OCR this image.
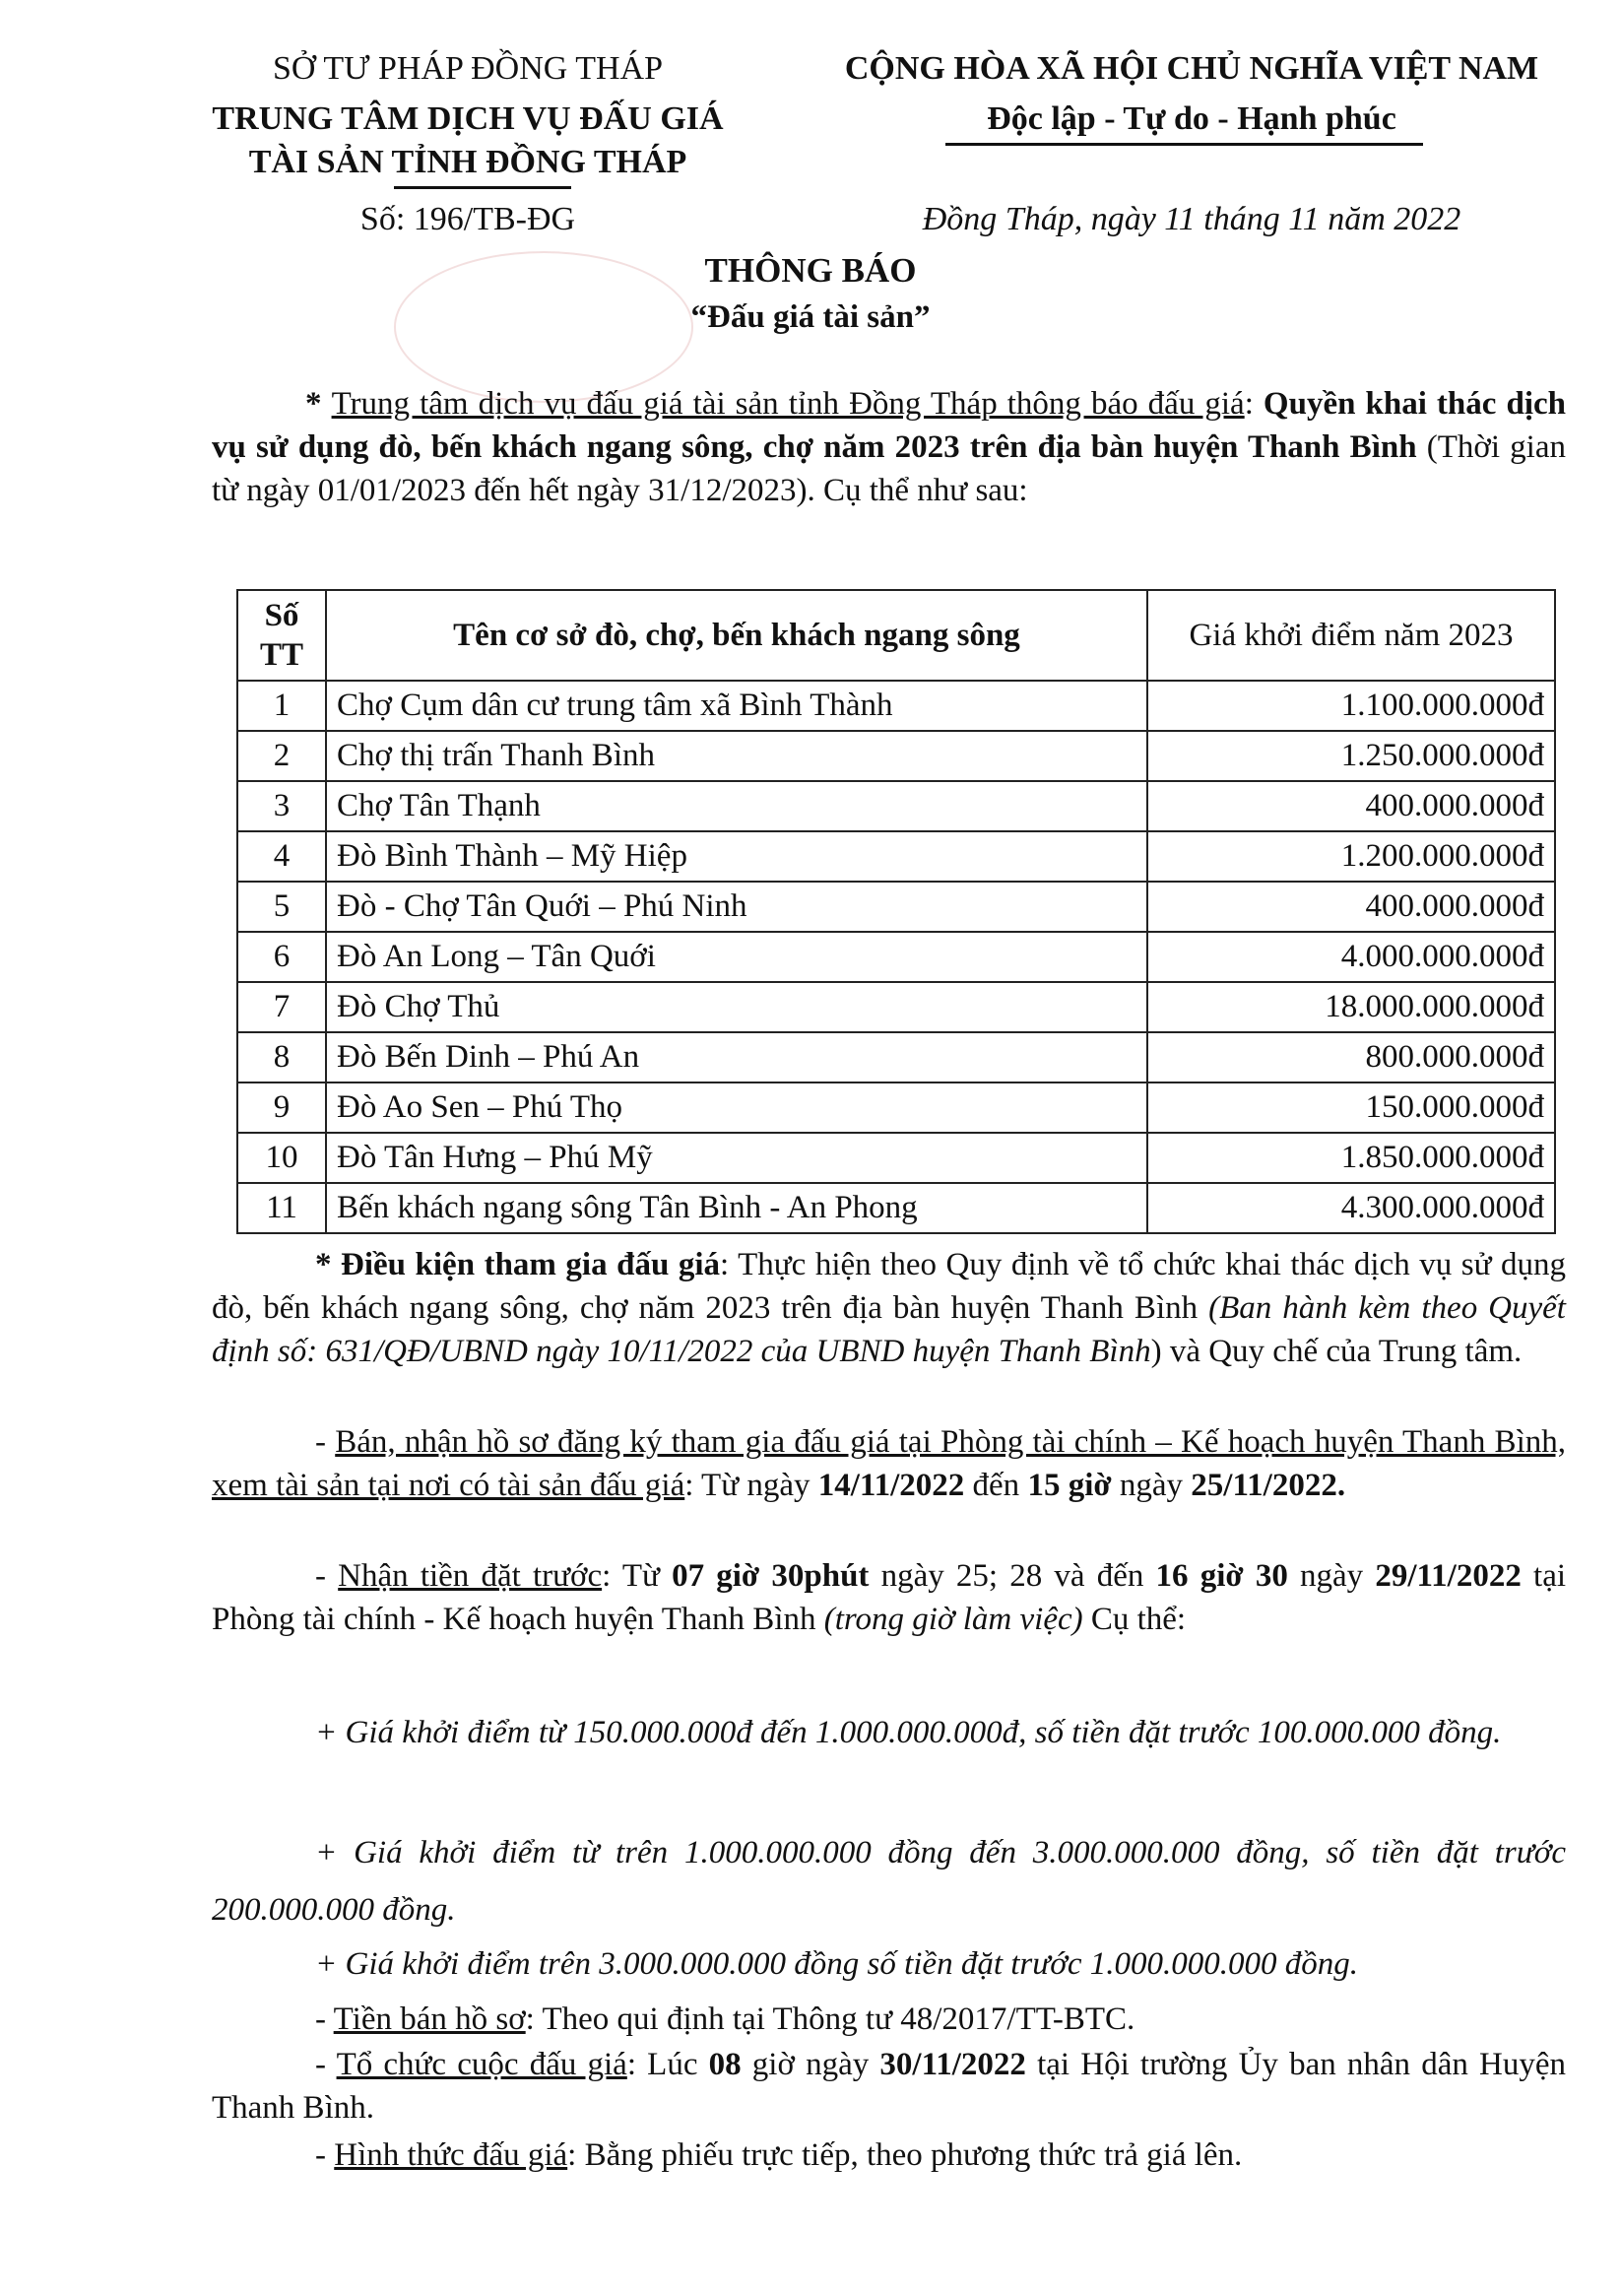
SỞ TƯ PHÁP ĐỒNG THÁP
TRUNG TÂM DỊCH VỤ ĐẤU GIÁ
TÀI SẢN TỈNH ĐỒNG THÁP
Số: 196/TB-ĐG
CỘNG HÒA XÃ HỘI CHỦ NGHĨA VIỆT NAM
Độc lập - Tự do - Hạnh phúc
Đồng Tháp, ngày 11 tháng 11 năm 2022
THÔNG BÁO
“Đấu giá tài sản”
* Trung tâm dịch vụ đấu giá tài sản tỉnh Đồng Tháp thông báo đấu giá: Quyền khai thác dịch vụ sử dụng đò, bến khách ngang sông, chợ năm 2023 trên địa bàn huyện Thanh Bình (Thời gian từ ngày 01/01/2023 đến hết ngày 31/12/2023). Cụ thể như sau:
Số TT	Tên cơ sở đò, chợ, bến khách ngang sông	Giá khởi điểm năm 2023
1	Chợ Cụm dân cư trung tâm xã Bình Thành	1.100.000.000đ
2	Chợ thị trấn Thanh Bình	1.250.000.000đ
3	Chợ Tân Thạnh	400.000.000đ
4	Đò Bình Thành – Mỹ Hiệp	1.200.000.000đ
5	Đò - Chợ Tân Quới – Phú Ninh	400.000.000đ
6	Đò An Long – Tân Quới	4.000.000.000đ
7	Đò Chợ Thủ	18.000.000.000đ
8	Đò Bến Dinh – Phú An	800.000.000đ
9	Đò Ao Sen – Phú Thọ	150.000.000đ
10	Đò Tân Hưng – Phú Mỹ	1.850.000.000đ
11	Bến khách ngang sông Tân Bình - An Phong	4.300.000.000đ
* Điều kiện tham gia đấu giá: Thực hiện theo Quy định về tổ chức khai thác dịch vụ sử dụng đò, bến khách ngang sông, chợ năm 2023 trên địa bàn huyện Thanh Bình (Ban hành kèm theo Quyết định số: 631/QĐ/UBND ngày 10/11/2022 của UBND huyện Thanh Bình) và Quy chế của Trung tâm.
- Bán, nhận hồ sơ đăng ký tham gia đấu giá tại Phòng tài chính – Kế hoạch huyện Thanh Bình, xem tài sản tại nơi có tài sản đấu giá: Từ ngày 14/11/2022 đến 15 giờ ngày 25/11/2022.
- Nhận tiền đặt trước: Từ 07 giờ 30phút ngày 25; 28 và đến 16 giờ 30 ngày 29/11/2022 tại Phòng tài chính - Kế hoạch huyện Thanh Bình (trong giờ làm việc) Cụ thể:
+ Giá khởi điểm từ 150.000.000đ đến 1.000.000.000đ, số tiền đặt trước 100.000.000 đồng.
+ Giá khởi điểm từ trên 1.000.000.000 đồng đến 3.000.000.000 đồng, số tiền đặt trước 200.000.000 đồng.
+ Giá khởi điểm trên 3.000.000.000 đồng số tiền đặt trước 1.000.000.000 đồng.
- Tiền bán hồ sơ: Theo qui định tại Thông tư 48/2017/TT-BTC.
- Tổ chức cuộc đấu giá: Lúc 08 giờ ngày 30/11/2022 tại Hội trường Ủy ban nhân dân Huyện Thanh Bình.
- Hình thức đấu giá: Bằng phiếu trực tiếp, theo phương thức trả giá lên.
